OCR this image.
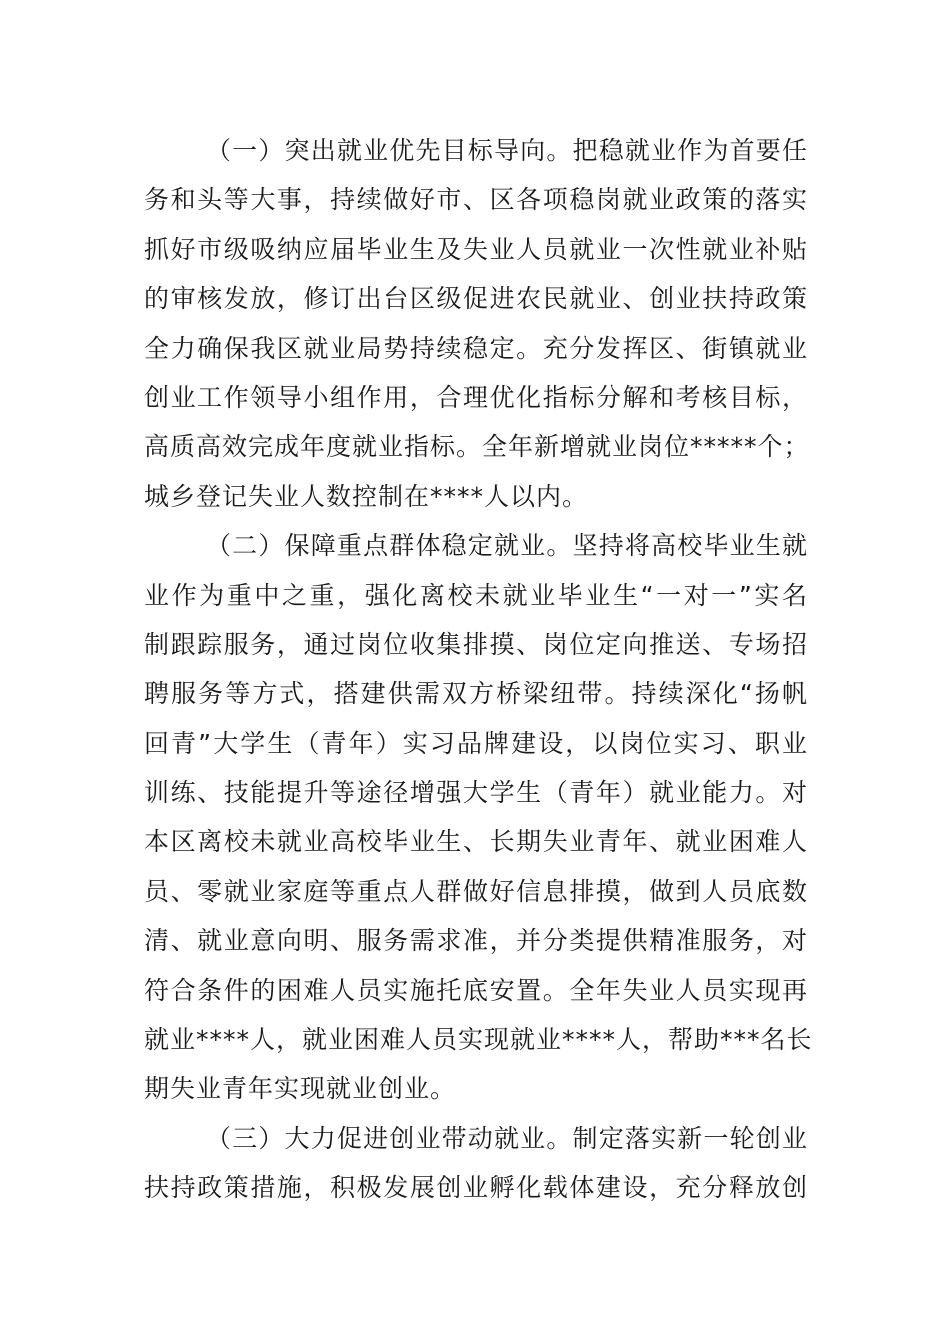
（一）突出就业优先目标导向。把稳就业作为首要任
务和头等大事，持续做好市、区各项稳岗就业政策的落实
抓好市级吸纳应届毕业生及失业人员就业一次性就业补贴
的审核发放，修订出台区级促进农民就业、创业扶持政策
全力确保我区就业局势持续稳定。充分发挥区、街镇就业
创业工作领导小组作用，合理优化指标分解和考核目标，
高质高效完成年度就业指标。全年新增就业岗位*****个；
城乡登记失业人数控制在****人以内。
（二）保障重点群体稳定就业。坚持将高校毕业生就
业作为重中之重，强化离校未就业毕业生“一对一”实名
制跟踪服务，通过岗位收集排摸、岗位定向推送、专场招
聘服务等方式，搭建供需双方桥梁纽带。持续深化“扬帆
回青”大学生（青年）实习品牌建设，以岗位实习、职业
训练、技能提升等途径增强大学生（青年）就业能力。对
本区离校未就业高校毕业生、长期失业青年、就业困难人
员、零就业家庭等重点人群做好信息排摸，做到人员底数
清、就业意向明、服务需求准，并分类提供精准服务，对
符合条件的困难人员实施托底安置。全年失业人员实现再
就业****人，就业困难人员实现就业****人，帮助***名长
期失业青年实现就业创业。
（三）大力促进创业带动就业。制定落实新一轮创业
扶持政策措施，积极发展创业孵化载体建设，充分释放创
